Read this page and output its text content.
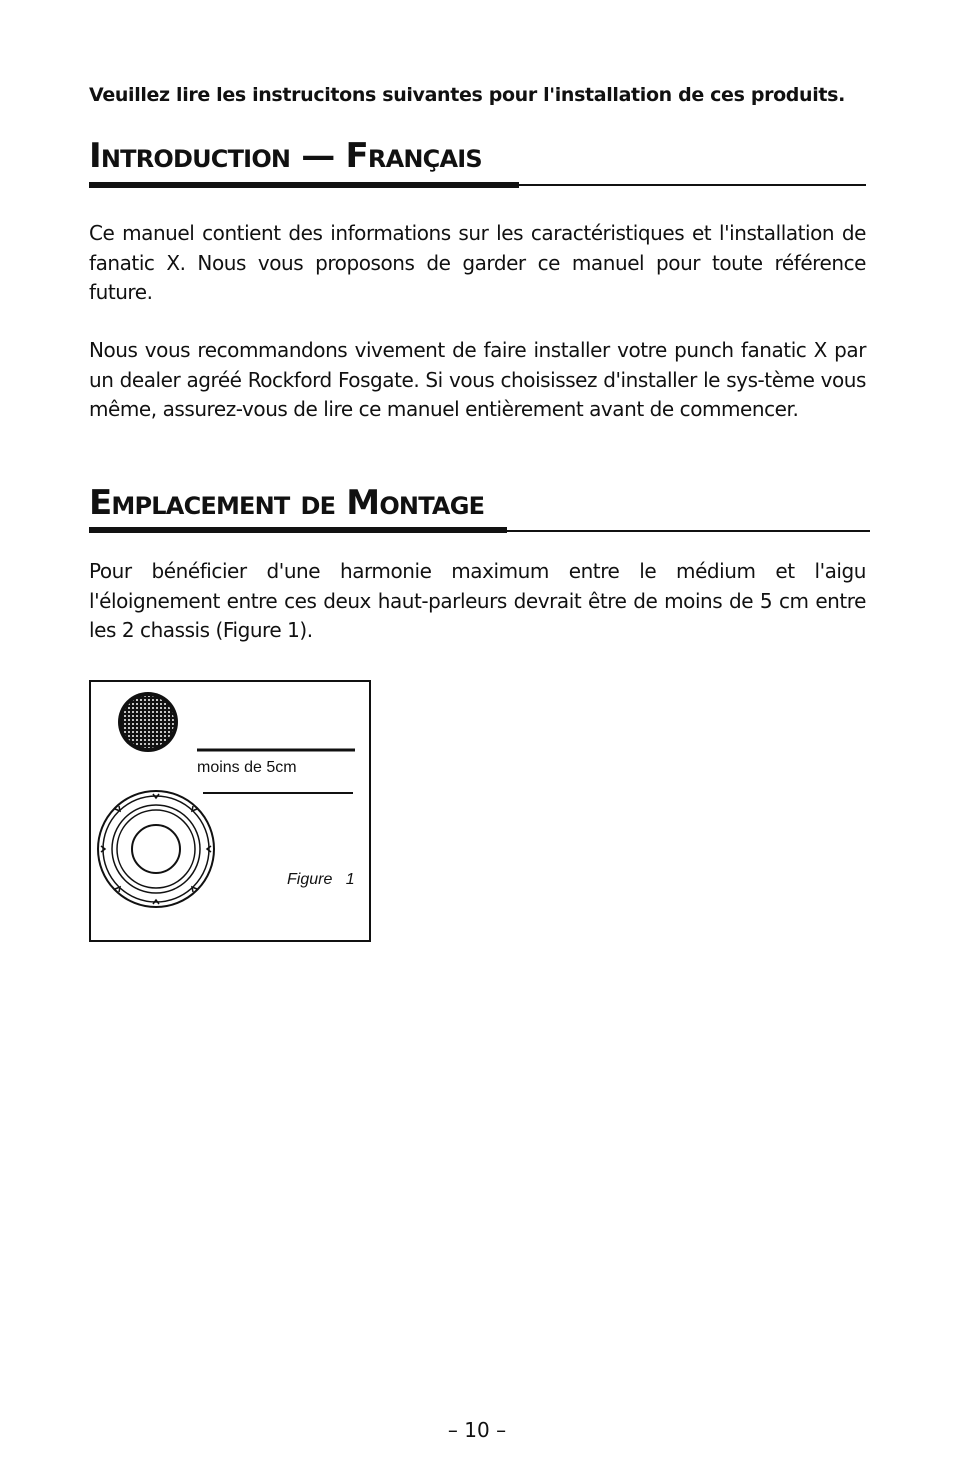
Veuillez lire les instrucitons suivantes pour l'installation de ces produits.
Introduction — Français

Ce manuel contient des informations sur les caractéristiques et l'installation de fanatic X. Nous vous proposons de garder ce manuel pour toute référence future.

Nous vous recommandons vivement de faire installer votre punch fanatic X par un dealer agréé Rockford Fosgate. Si vous choisissez d'installer le sys-tème vous même, assurez-vous de lire ce manuel entièrement avant de commencer.

Emplacement de Montage

Pour bénéficier d'une harmonie maximum entre le médium et l'aigu l'éloignement entre ces deux haut-parleurs devrait être de moins de 5 cm entre les 2 chassis (Figure 1).

moins de 5cm
Figure   1
– 10 –
